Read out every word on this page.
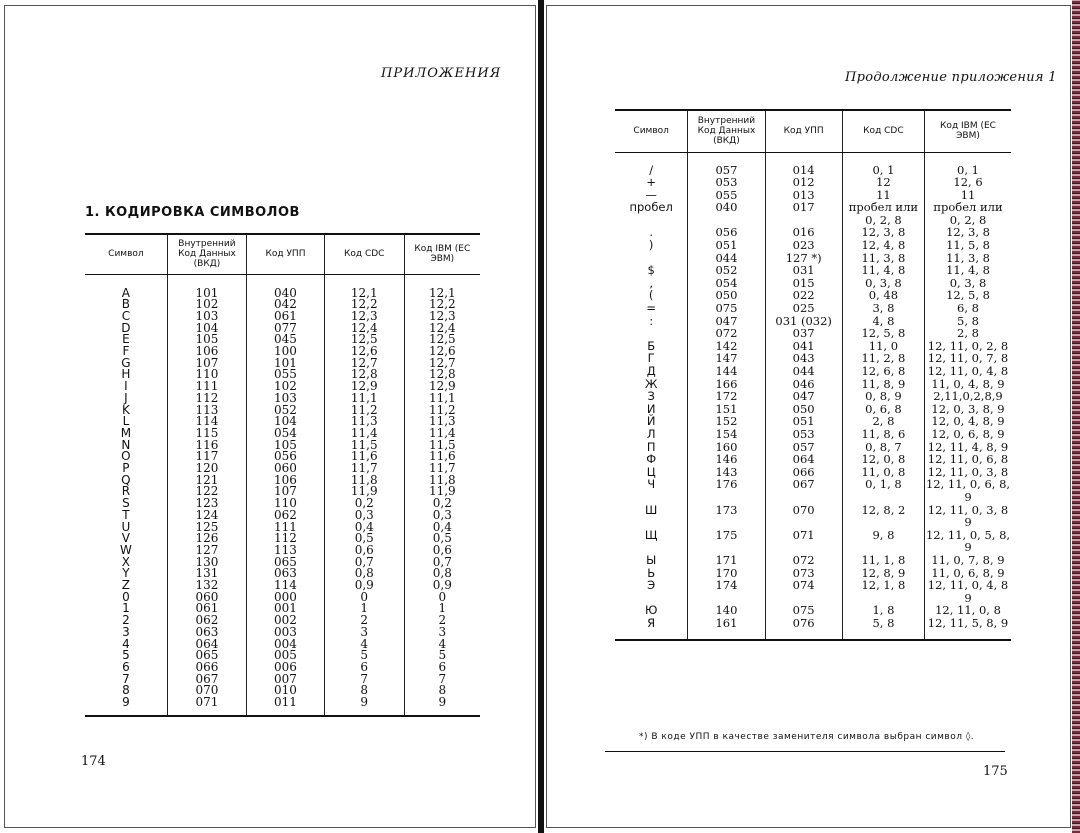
ПРИЛОЖЕНИЯ
1. КОДИРОВКА СИМВОЛОВ
Символ	Внутренний Код Данных (ВКД)	Код УПП	Код CDC	Код IBM (ЕС ЭВМ)
A	101	040	12,1	12,1
B	102	042	12,2	12,2
C	103	061	12,3	12,3
D	104	077	12,4	12,4
E	105	045	12,5	12,5
F	106	100	12,6	12,6
G	107	101	12,7	12,7
H	110	055	12,8	12,8
I	111	102	12,9	12,9
J	112	103	11,1	11,1
K	113	052	11,2	11,2
L	114	104	11,3	11,3
M	115	054	11,4	11,4
N	116	105	11,5	11,5
O	117	056	11,6	11,6
P	120	060	11,7	11,7
Q	121	106	11,8	11,8
R	122	107	11,9	11,9
S	123	110	0,2	0,2
T	124	062	0,3	0,3
U	125	111	0,4	0,4
V	126	112	0,5	0,5
W	127	113	0,6	0,6
X	130	065	0,7	0,7
Y	131	063	0,8	0,8
Z	132	114	0,9	0,9
0	060	000	0	0
1	061	001	1	1
2	062	002	2	2
3	063	003	3	3
4	064	004	4	4
5	065	005	5	5
6	066	006	6	6
7	067	007	7	7
8	070	010	8	8
9	071	011	9	9
174
Продолжение приложения 1
Символ	Внутренний Код Данных (ВКД)	Код УПП	Код CDC	Код IBM (ЕС ЭВМ)
/	057	014	0, 1	0, 1
+	053	012	12	12, 6
—	055	013	11	11
пробел	040	017	пробел или	пробел или
			0, 2, 8	0, 2, 8
.	056	016	12, 3, 8	12, 3, 8
)	051	023	12, 4, 8	11, 5, 8
	044	127 *)	11, 3, 8	11, 3, 8
$	052	031	11, 4, 8	11, 4, 8
,	054	015	0, 3, 8	0, 3, 8
(	050	022	0, 48	12, 5, 8
=	075	025	3, 8	6, 8
:	047	031 (032)	4, 8	5, 8
	072	037	12, 5, 8	2, 8
Б	142	041	11, 0	12, 11, 0, 2, 8
Г	147	043	11, 2, 8	12, 11, 0, 7, 8
Д	144	044	12, 6, 8	12, 11, 0, 4, 8
Ж	166	046	11, 8, 9	11, 0, 4, 8, 9
З	172	047	0, 8, 9	2,11,0,2,8,9

И	151	050	0, 6, 8	12, 0, 3, 8, 9
Й	152	051	2, 8	12, 0, 4, 8, 9

Л	154	053	11, 8, 6	12, 0, 6, 8, 9
П	160	057	0, 8, 7	12, 11, 4, 8, 9

Ф	146	064	12, 0, 8	12, 11, 0, 6, 8

Ц	143	066	11, 0, 8	12, 11, 0, 3, 8

Ч	176	067	0, 1, 8	12, 11, 0, 6, 8,
				9
Ш	173	070	12, 8, 2	12, 11, 0, 3, 8
				9
Щ	175	071	9, 8	12, 11, 0, 5, 8,
				9
Ы	171	072	11, 1, 8	11, 0, 7, 8, 9
Ь	170	073	12, 8, 9	11, 0, 6, 8, 9
Э	174	074	12, 1, 8	12, 11, 0, 4, 8
				9
Ю	140	075	1, 8	12, 11, 0, 8
Я	161	076	5, 8	12, 11, 5, 8, 9
*) В коде УПП в качестве заменителя символа выбран символ ◊.
175
